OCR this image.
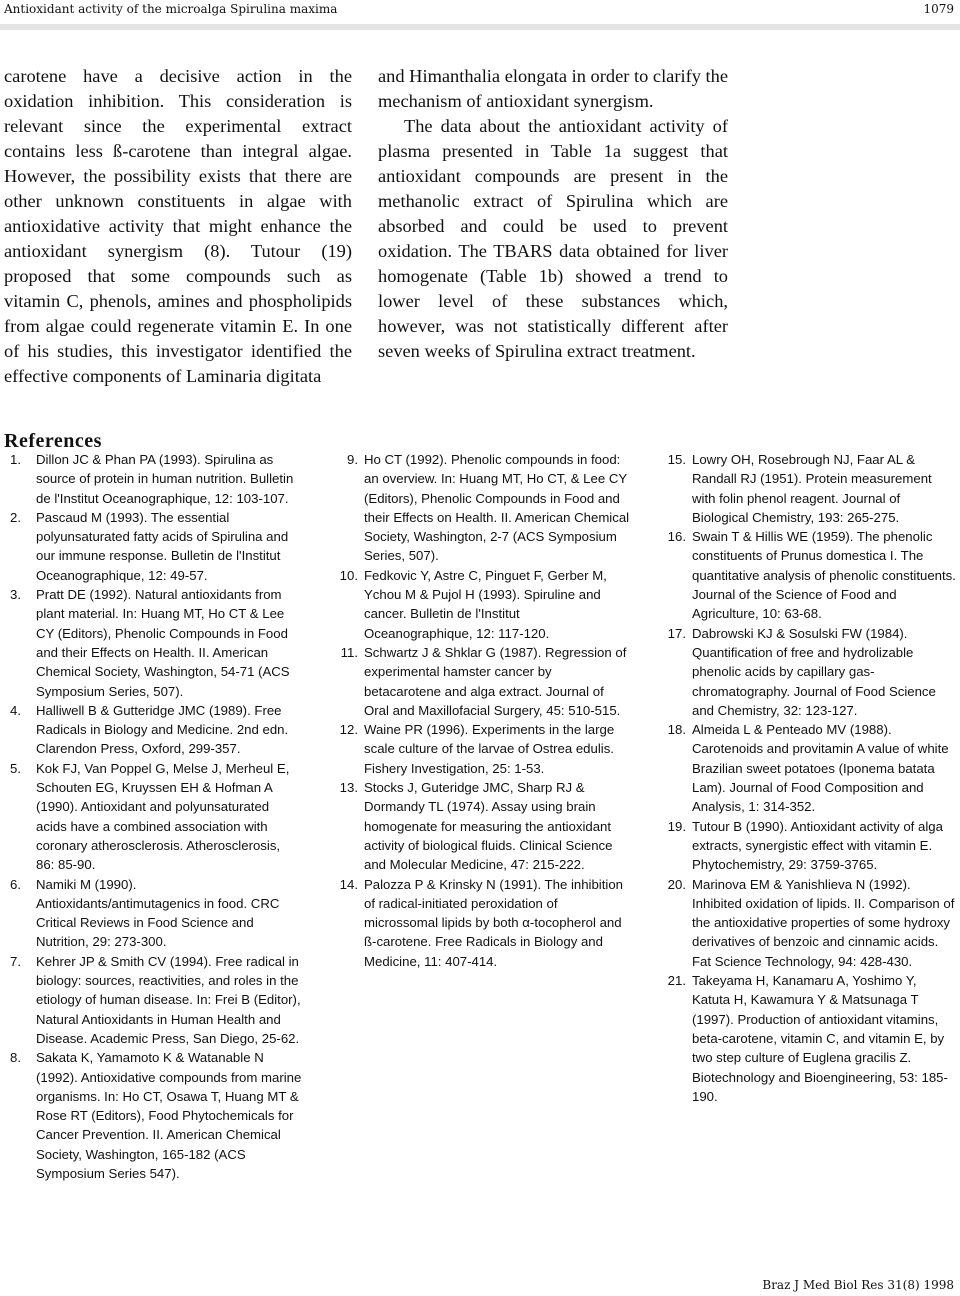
Antioxidant activity of the microalga Spirulina maxima	1079

carotene have a decisive action in the oxidation inhibition. This consideration is relevant since the experimental extract contains less ß-carotene than integral algae. However, the possibility exists that there are other unknown constituents in algae with antioxidative activity that might enhance the antioxidant synergism (8). Tutour (19) proposed that some compounds such as vitamin C, phenols, amines and phospholipids from algae could regenerate vitamin E. In one of his studies, this investigator identified the effective components of Laminaria digitata

and Himanthalia elongata in order to clarify the mechanism of antioxidant synergism.

The data about the antioxidant activity of plasma presented in Table 1a suggest that antioxidant compounds are present in the methanolic extract of Spirulina which are absorbed and could be used to prevent oxidation. The TBARS data obtained for liver homogenate (Table 1b) showed a trend to lower level of these substances which, however, was not statistically different after seven weeks of Spirulina extract treatment.

References
1.	Dillon JC & Phan PA (1993). Spirulina as source of protein in human nutrition. Bulletin de l'Institut Oceanographique, 12: 103-107.
2.	Pascaud M (1993). The essential polyunsaturated fatty acids of Spirulina and our immune response. Bulletin de l'Institut Oceanographique, 12: 49-57.
3.	Pratt DE (1992). Natural antioxidants from plant material. In: Huang MT, Ho CT & Lee CY (Editors), Phenolic Compounds in Food and their Effects on Health. II. American Chemical Society, Washington, 54-71 (ACS Symposium Series, 507).
4.	Halliwell B & Gutteridge JMC (1989). Free Radicals in Biology and Medicine. 2nd edn. Clarendon Press, Oxford, 299-357.
5.	Kok FJ, Van Poppel G, Melse J, Merheul E, Schouten EG, Kruyssen EH & Hofman A (1990). Antioxidant and polyunsaturated acids have a combined association with coronary atherosclerosis. Atherosclerosis, 86: 85-90.
6.	Namiki M (1990). Antioxidants/antimutagenics in food. CRC Critical Reviews in Food Science and Nutrition, 29: 273-300.
7.	Kehrer JP & Smith CV (1994). Free radical in biology: sources, reactivities, and roles in the etiology of human disease. In: Frei B (Editor), Natural Antioxidants in Human Health and Disease. Academic Press, San Diego, 25-62.
8.	Sakata K, Yamamoto K & Watanable N (1992). Antioxidative compounds from marine organisms. In: Ho CT, Osawa T, Huang MT & Rose RT (Editors), Food Phytochemicals for Cancer Prevention. II. American Chemical Society, Washington, 165-182 (ACS Symposium Series 547).
9. Ho CT (1992). Phenolic compounds in food: an overview. In: Huang MT, Ho CT, & Lee CY (Editors), Phenolic Compounds in Food and their Effects on Health. II. American Chemical Society, Washington, 2-7 (ACS Symposium Series, 507).
10. Fedkovic Y, Astre C, Pinguet F, Gerber M, Ychou M & Pujol H (1993). Spiruline and cancer. Bulletin de l'Institut Oceanographique, 12: 117-120.
11. Schwartz J & Shklar G (1987). Regression of experimental hamster cancer by betacarotene and alga extract. Journal of Oral and Maxillofacial Surgery, 45: 510-515.
12. Waine PR (1996). Experiments in the large scale culture of the larvae of Ostrea edulis. Fishery Investigation, 25: 1-53.
13. Stocks J, Guteridge JMC, Sharp RJ & Dormandy TL (1974). Assay using brain homogenate for measuring the antioxidant activity of biological fluids. Clinical Science and Molecular Medicine, 47: 215-222.
14. Palozza P & Krinsky N (1991). The inhibition of radical-initiated peroxidation of microssomal lipids by both α-tocopherol and ß-carotene. Free Radicals in Biology and Medicine, 11: 407-414.
15. Lowry OH, Rosebrough NJ, Faar AL & Randall RJ (1951). Protein measurement with folin phenol reagent. Journal of Biological Chemistry, 193: 265-275.
16. Swain T & Hillis WE (1959). The phenolic constituents of Prunus domestica I. The quantitative analysis of phenolic constituents. Journal of the Science of Food and Agriculture, 10: 63-68.
17. Dabrowski KJ & Sosulski FW (1984). Quantification of free and hydrolizable phenolic acids by capillary gas-chromatography. Journal of Food Science and Chemistry, 32: 123-127.
18. Almeida L & Penteado MV (1988). Carotenoids and provitamin A value of white Brazilian sweet potatoes (Iponema batata Lam). Journal of Food Composition and Analysis, 1: 314-352.
19. Tutour B (1990). Antioxidant activity of alga extracts, synergistic effect with vitamin E. Phytochemistry, 29: 3759-3765.
20. Marinova EM & Yanishlieva N (1992). Inhibited oxidation of lipids. II. Comparison of the antioxidative properties of some hydroxy derivatives of benzoic and cinnamic acids. Fat Science Technology, 94: 428-430.
21. Takeyama H, Kanamaru A, Yoshimo Y, Katuta H, Kawamura Y & Matsunaga T (1997). Production of antioxidant vitamins, beta-carotene, vitamin C, and vitamin E, by two step culture of Euglena gracilis Z. Biotechnology and Bioengineering, 53: 185-190.
Braz J Med Biol Res 31(8) 1998
